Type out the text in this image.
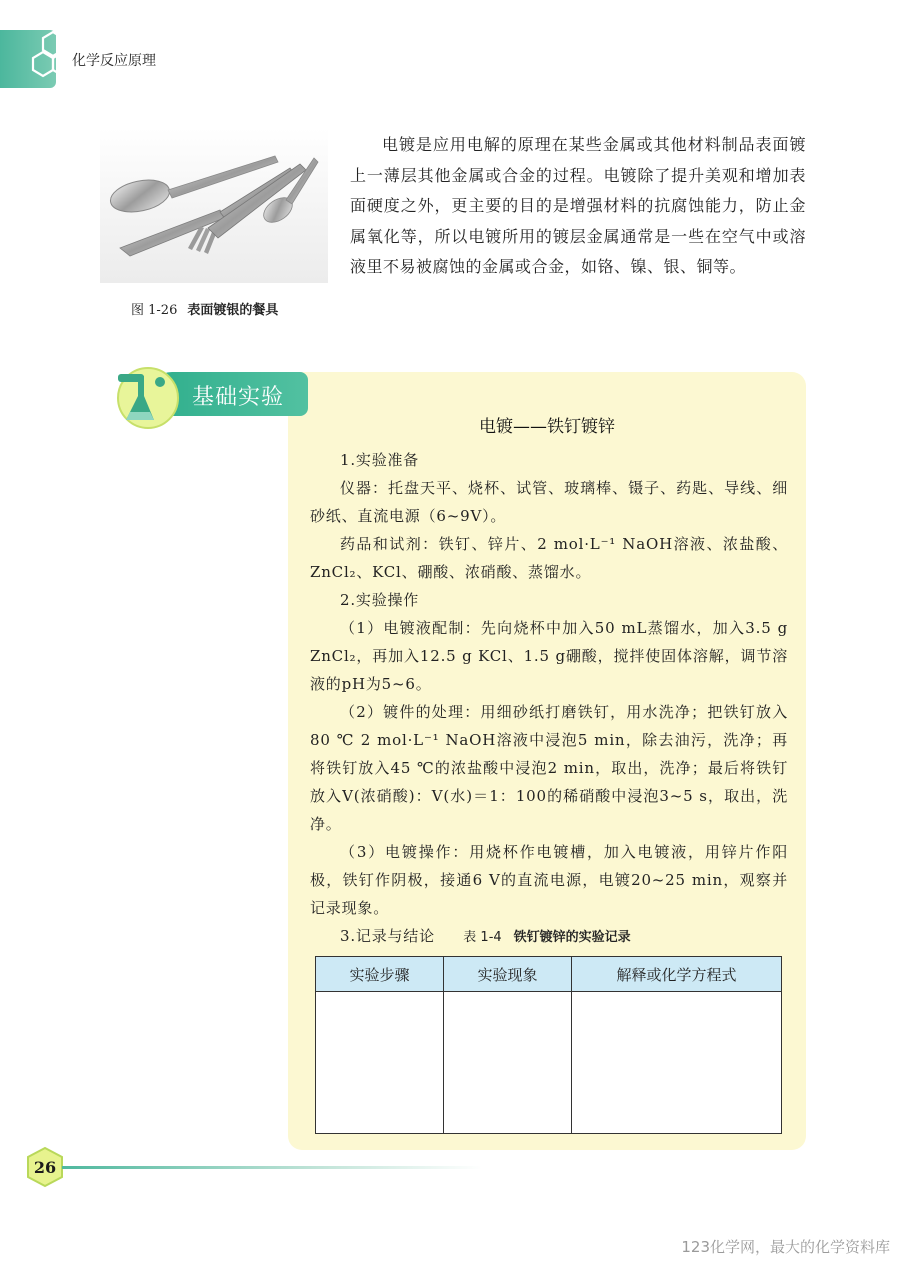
化学反应原理
图 1-26 表面镀银的餐具

电镀是应用电解的原理在某些金属或其他材料制品表面镀上一薄层其他金属或合金的过程。电镀除了提升美观和增加表面硬度之外，更主要的目的是增强材料的抗腐蚀能力，防止金属氧化等，所以电镀所用的镀层金属通常是一些在空气中或溶液里不易被腐蚀的金属或合金，如铬、镍、银、铜等。

基础实验
电镀——铁钉镀锌

1.实验准备

仪器：托盘天平、烧杯、试管、玻璃棒、镊子、药匙、导线、细砂纸、直流电源（6~9V）。

药品和试剂：铁钉、锌片、2 mol·L⁻¹ NaOH溶液、浓盐酸、ZnCl₂、KCl、硼酸、浓硝酸、蒸馏水。

2.实验操作

（1）电镀液配制：先向烧杯中加入50 mL蒸馏水，加入3.5 g ZnCl₂，再加入12.5 g KCl、1.5 g硼酸，搅拌使固体溶解，调节溶液的pH为5~6。

（2）镀件的处理：用细砂纸打磨铁钉，用水洗净；把铁钉放入80 ℃ 2 mol·L⁻¹ NaOH溶液中浸泡5 min，除去油污，洗净；再将铁钉放入45 ℃的浓盐酸中浸泡2 min，取出，洗净；最后将铁钉放入V(浓硝酸)：V(水)＝1：100的稀硝酸中浸泡3~5 s，取出，洗净。

（3）电镀操作：用烧杯作电镀槽，加入电镀液，用锌片作阳极，铁钉作阴极，接通6 V的直流电源，电镀20~25 min，观察并记录现象。

3.记录与结论	表 1-4 铁钉镀锌的实验记录
实验步骤	实验现象	解释或化学方程式

26
123化学网，最大的化学资料库
